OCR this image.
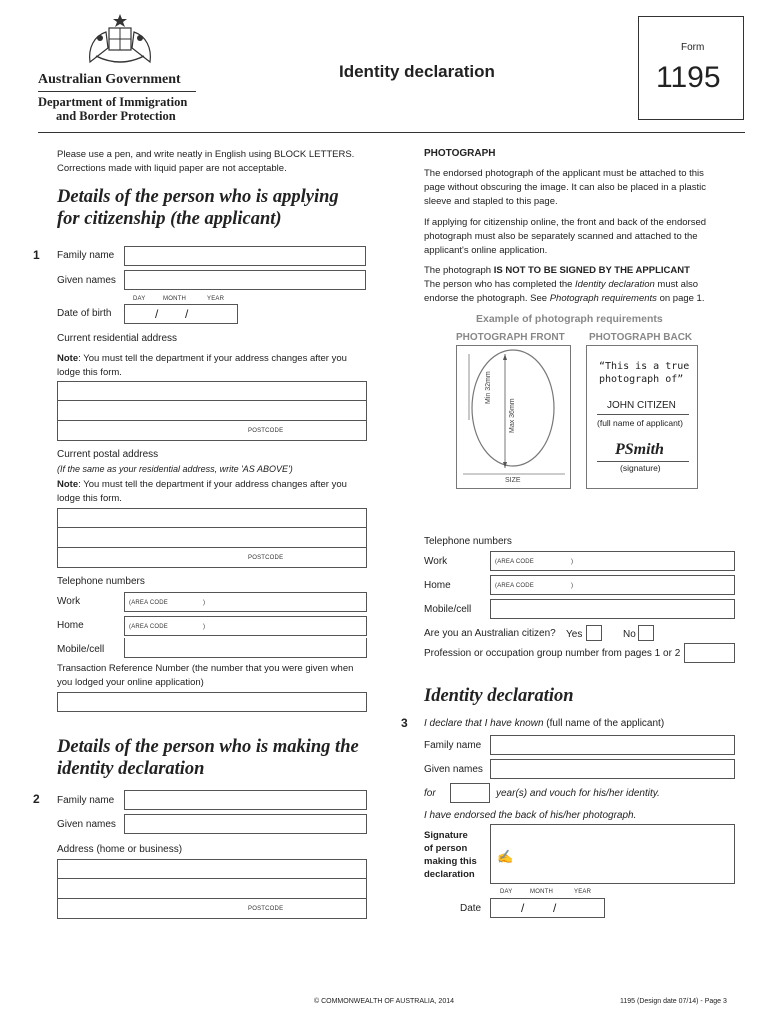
Australian Government
Department of Immigration
and Border Protection
Identity declaration
Form
1195
Please use a pen, and write neatly in English using BLOCK LETTERS.
Corrections made with liquid paper are not acceptable.
Details of the person who is applying
for citizenship (the applicant)
1 Family name
Given names
DAY	MONTH	YEAR
Date of birth	/ /
Current residential address
Note: You must tell the department if your address changes after you
lodge this form.
POSTCODE
Current postal address
(If the same as your residential address, write 'AS ABOVE')
Note: You must tell the department if your address changes after you
lodge this form.
POSTCODE
Telephone numbers
Work	(AREA CODE	)
Home	(AREA CODE	)
Mobile/cell
Transaction Reference Number (the number that you were given when
you lodged your online application)
Details of the person who is making the
identity declaration
2 Family name
Given names
Address (home or business)
POSTCODE
PHOTOGRAPH
The endorsed photograph of the applicant must be attached to this
page without obscuring the image. It can also be placed in a plastic
sleeve and stapled to this page.
If applying for citizenship online, the front and back of the endorsed
photograph must also be separately scanned and attached to the
applicant's online application.
The photograph IS NOT TO BE SIGNED BY THE APPLICANT
The person who has completed the Identity declaration must also
endorse the photograph. See Photograph requirements on page 1.
Example of photograph requirements
PHOTOGRAPH FRONT PHOTOGRAPH BACK
Min 32mm
Max 36mm
SIZE
“This is a true
photograph of”
JOHN CITIZEN
(full name of applicant)
PSmith
(signature)
Telephone numbers
Work	(AREA CODE	)
Home	(AREA CODE	)
Mobile/cell
Are you an Australian citizen? Yes	No
Profession or occupation group number from pages 1 or 2
Identity declaration
3 I declare that I have known (full name of the applicant)
Family name
Given names
for	year(s) and vouch for his/her identity.
I have endorsed the back of his/her photograph.
Signature
of person
making this
declaration
✍
DAY	MONTH	YEAR
Date	/ /
© COMMONWEALTH OF AUSTRALIA, 2014	1195 (Design date 07/14) - Page 3
